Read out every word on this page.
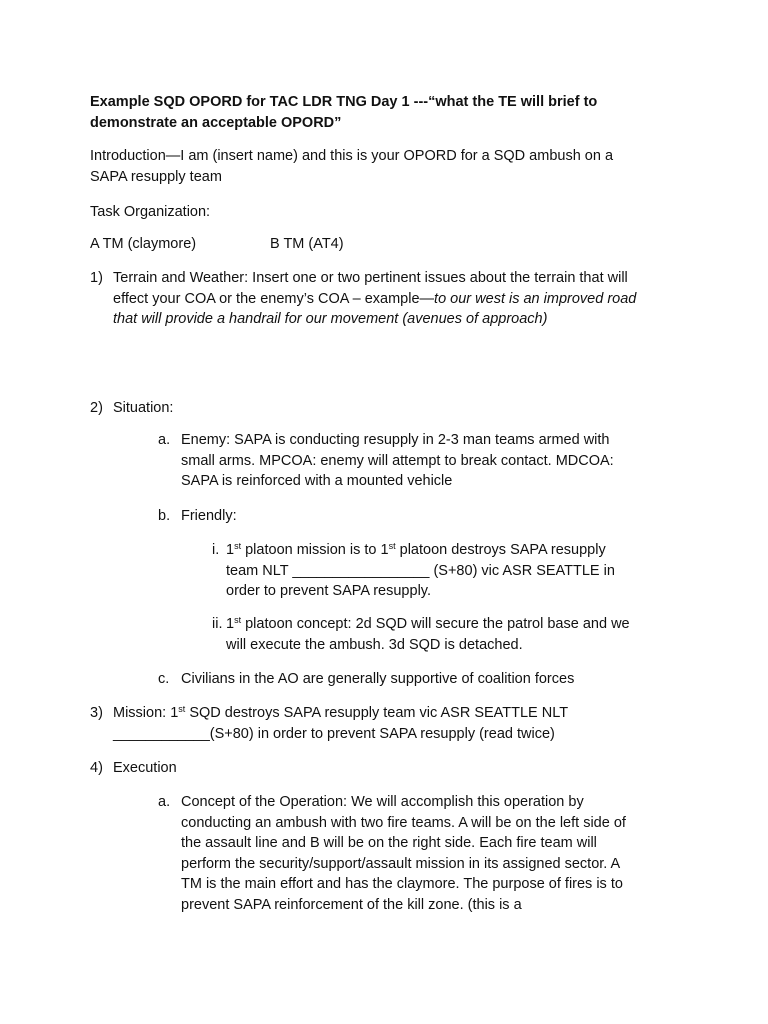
Example SQD OPORD for TAC LDR TNG Day 1 ---“what the TE will brief to demonstrate an acceptable OPORD”

Introduction—I am (insert name) and this is your OPORD for a SQD ambush on a SAPA resupply team

Task Organization:

A TM (claymore)	B TM (AT4)
1) Terrain and Weather: Insert one or two pertinent issues about the terrain that will effect your COA or the enemy’s COA – example—to our west is an improved road that will provide a handrail for our movement (avenues of approach)

2) Situation:
a. Enemy: SAPA is conducting resupply in 2-3 man teams armed with small arms. MPCOA: enemy will attempt to break contact. MDCOA: SAPA is reinforced with a mounted vehicle

b. Friendly:
i. 1st platoon mission is to 1st platoon destroys SAPA resupply team NLT _________________ (S+80) vic ASR SEATTLE in order to prevent SAPA resupply.

ii. 1st platoon concept: 2d SQD will secure the patrol base and we will execute the ambush. 3d SQD is detached.

c. Civilians in the AO are generally supportive of coalition forces

3) Mission: 1st SQD destroys SAPA resupply team vic ASR SEATTLE NLT ____________(S+80) in order to prevent SAPA resupply (read twice)

4) Execution
a. Concept of the Operation: We will accomplish this operation by conducting an ambush with two fire teams. A will be on the left side of the assault line and B will be on the right side. Each fire team will perform the security/support/assault mission in its assigned sector. A TM is the main effort and has the claymore. The purpose of fires is to prevent SAPA reinforcement of the kill zone. (this is a
